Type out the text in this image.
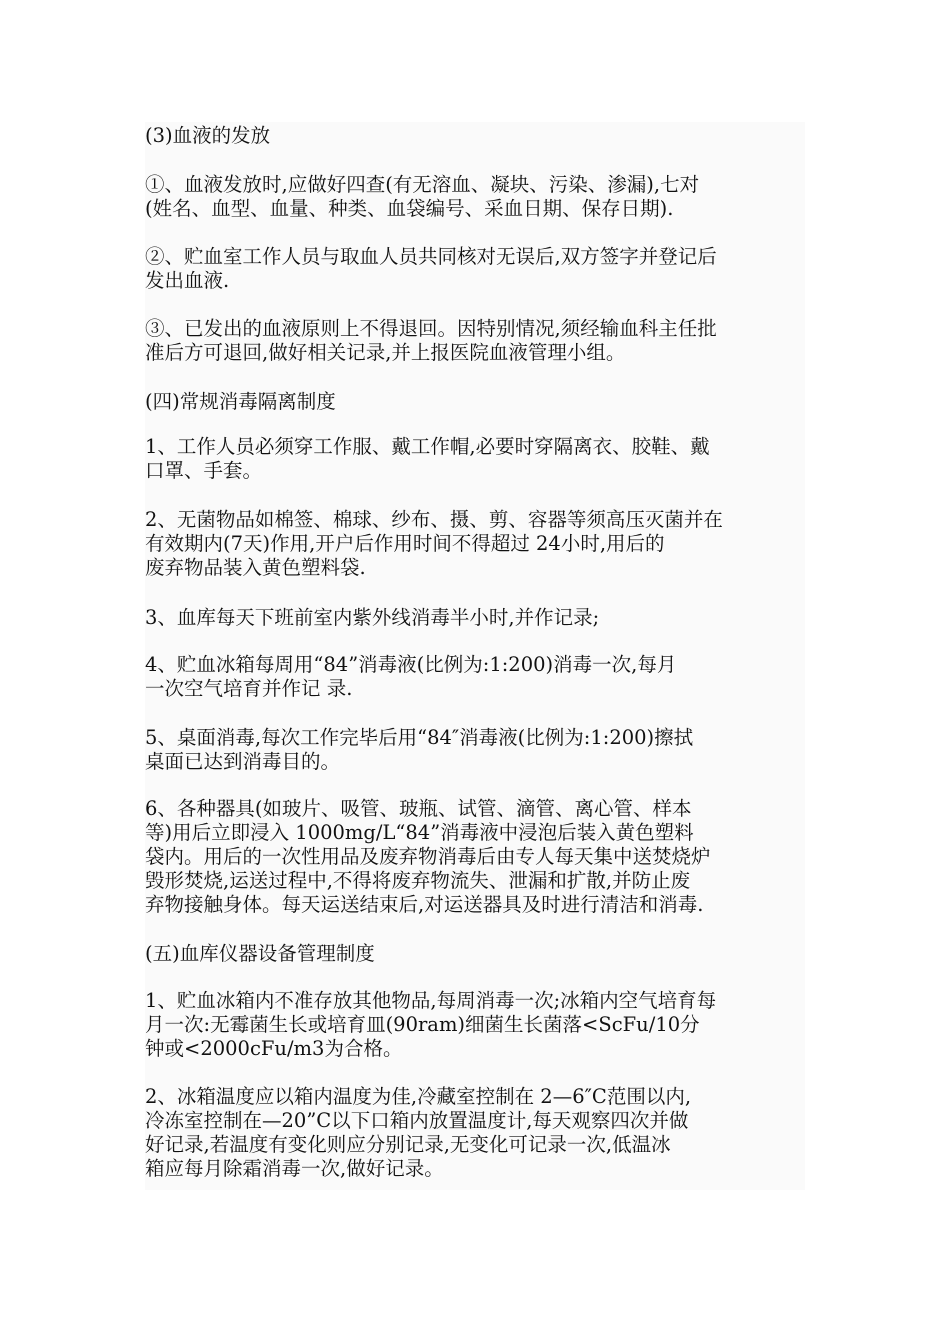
(3)血液的发放
①、血液发放时,应做好四查(有无溶血、凝块、污染、渗漏),七对
(姓名、血型、血量、种类、血袋编号、采血日期、保存日期).
②、贮血室工作人员与取血人员共同核对无误后,双方签字并登记后
发出血液.
③、已发出的血液原则上不得退回。因特别情况,须经输血科主任批
准后方可退回,做好相关记录,并上报医院血液管理小组。
(四)常规消毒隔离制度
1、工作人员必须穿工作服、戴工作帽,必要时穿隔离衣、胶鞋、戴
口罩、手套。
2、无菌物品如棉签、棉球、纱布、摄、剪、容器等须高压灭菌并在
有效期内(7天)作用,开户后作用时间不得超过 24小时,用后的
废弃物品装入黄色塑料袋.
3、血库每天下班前室内紫外线消毒半小时,并作记录;
4、贮血冰箱每周用“84”消毒液(比例为:1:200)消毒一次,每月
一次空气培育并作记 录.
5、桌面消毒,每次工作完毕后用“84″消毒液(比例为:1:200)擦拭
桌面已达到消毒目的。
6、各种器具(如玻片、吸管、玻瓶、试管、滴管、离心管、样本
等)用后立即浸入 1000mg/L“84”消毒液中浸泡后装入黄色塑料
袋内。用后的一次性用品及废弃物消毒后由专人每天集中送焚烧炉
毁形焚烧,运送过程中,不得将废弃物流失、泄漏和扩散,并防止废
弃物接触身体。每天运送结束后,对运送器具及时进行清洁和消毒.
(五)血库仪器设备管理制度
1、贮血冰箱内不准存放其他物品,每周消毒一次;冰箱内空气培育每
月一次:无霉菌生长或培育皿(90ram)细菌生长菌落<ScFu/10分
钟或<2000cFu/m3为合格。
2、冰箱温度应以箱内温度为佳,冷藏室控制在 2—6″C范围以内,
冷冻室控制在—20”C以下口箱内放置温度计,每天观察四次并做
好记录,若温度有变化则应分别记录,无变化可记录一次,低温冰
箱应每月除霜消毒一次,做好记录。
